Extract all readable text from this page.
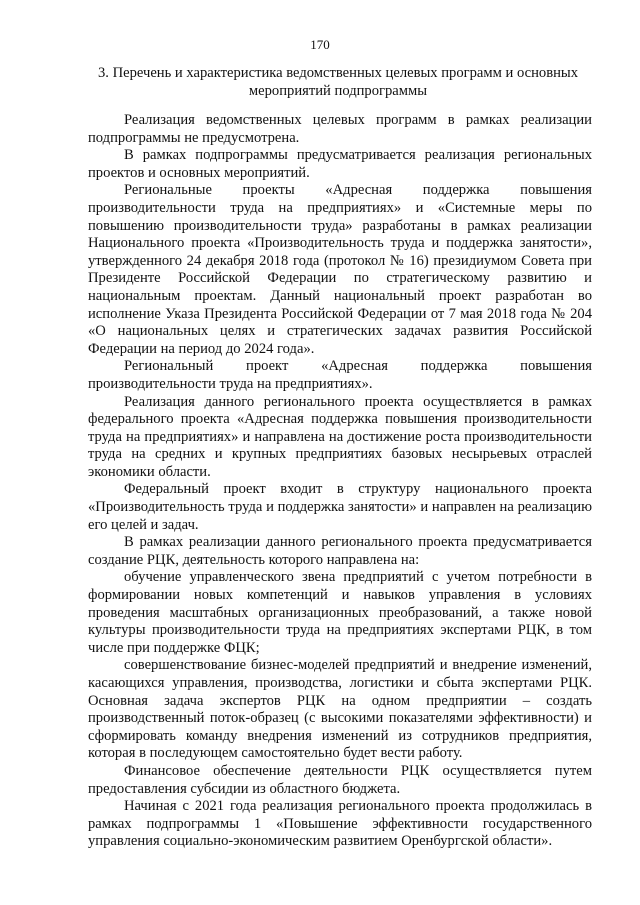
170
3. Перечень и характеристика ведомственных целевых программ и основных мероприятий подпрограммы

Реализация ведомственных целевых программ в рамках реализации подпрограммы не предусмотрена.

В рамках подпрограммы предусматривается реализация региональных проектов и основных мероприятий.

Региональные проекты «Адресная поддержка повышения производительности труда на предприятиях» и «Системные меры по повышению производительности труда» разработаны в рамках реализации Национального проекта «Производительность труда и поддержка занятости», утвержденного 24 декабря 2018 года (протокол № 16) президиумом Совета при Президенте Российской Федерации по стратегическому развитию и национальным проектам. Данный национальный проект разработан во исполнение Указа Президента Российской Федерации от 7 мая 2018 года № 204 «О национальных целях и стратегических задачах развития Российской Федерации на период до 2024 года».

Региональный проект «Адресная поддержка повышения производительности труда на предприятиях».

Реализация данного регионального проекта осуществляется в рамках федерального проекта «Адресная поддержка повышения производительности труда на предприятиях» и направлена на достижение роста производительности труда на средних и крупных предприятиях базовых несырьевых отраслей экономики области.

Федеральный проект входит в структуру национального проекта «Производительность труда и поддержка занятости» и направлен на реализацию его целей и задач.

В рамках реализации данного регионального проекта предусматривается создание РЦК, деятельность которого направлена на:

обучение управленческого звена предприятий с учетом потребности в формировании новых компетенций и навыков управления в условиях проведения масштабных организационных преобразований, а также новой культуры производительности труда на предприятиях экспертами РЦК, в том числе при поддержке ФЦК;

совершенствование бизнес-моделей предприятий и внедрение изменений, касающихся управления, производства, логистики и сбыта экспертами РЦК. Основная задача экспертов РЦК на одном предприятии – создать производственный поток-образец (с высокими показателями эффективности) и сформировать команду внедрения изменений из сотрудников предприятия, которая в последующем самостоятельно будет вести работу.

Финансовое обеспечение деятельности РЦК осуществляется путем предоставления субсидии из областного бюджета.

Начиная с 2021 года реализация регионального проекта продолжилась в рамках подпрограммы 1 «Повышение эффективности государственного управления социально-экономическим развитием Оренбургской области».
